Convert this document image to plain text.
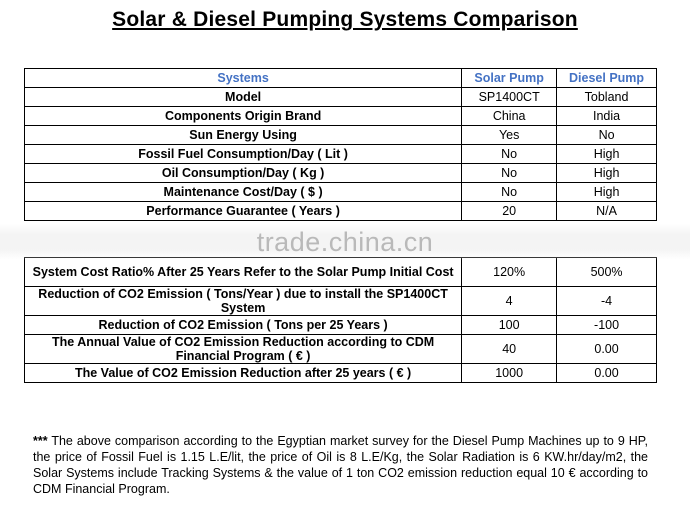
Solar & Diesel Pumping Systems Comparison
Systems	Solar Pump	Diesel Pump
Model	SP1400CT	Tobland
Components Origin Brand	China	India
Sun Energy Using	Yes	No
Fossil Fuel Consumption/Day ( Lit )	No	High
Oil Consumption/Day ( Kg )	No	High
Maintenance Cost/Day ( $ )	No	High
Performance Guarantee ( Years )	20	N/A

System Cost Ratio% After 25 Years Refer to the Solar Pump Initial Cost	120%	500%
Reduction of CO2 Emission ( Tons/Year ) due to install the SP1400CT System	4	-4
Reduction of CO2 Emission ( Tons per 25 Years )	100	-100
The Annual Value of CO2 Emission Reduction according to CDM Financial Program ( € )	40	0.00
The Value of CO2 Emission Reduction after 25 years ( € )	1000	0.00
trade.china.cn
*** The above comparison according to the Egyptian market survey for the Diesel Pump Machines up to 9 HP, the price of Fossil Fuel is 1.15 L.E/lit, the price of Oil is 8 L.E/Kg, the Solar Radiation is 6 KW.hr/day/m2, the Solar Systems include Tracking Systems & the value of 1 ton CO2 emission reduction equal 10 € according to CDM Financial Program.
